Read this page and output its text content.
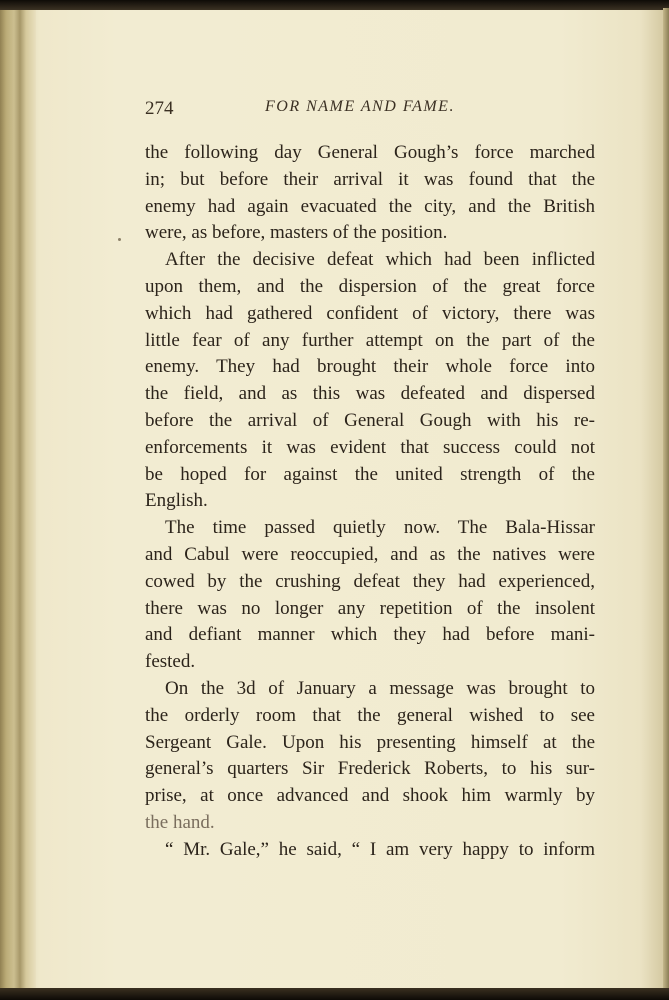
274	FOR NAME AND FAME.
the following day General Gough’s force marched
in; but before their arrival it was found that the
enemy had again evacuated the city, and the British
were, as before, masters of the position.
After the decisive defeat which had been inflicted
upon them, and the dispersion of the great force
which had gathered confident of victory, there was
little fear of any further attempt on the part of the
enemy. They had brought their whole force into
the field, and as this was defeated and dispersed
before the arrival of General Gough with his re-
enforcements it was evident that success could not
be hoped for against the united strength of the
English.
The time passed quietly now. The Bala-Hissar
and Cabul were reoccupied, and as the natives were
cowed by the crushing defeat they had experienced,
there was no longer any repetition of the insolent
and defiant manner which they had before mani-
fested.
On the 3d of January a message was brought to
the orderly room that the general wished to see
Sergeant Gale. Upon his presenting himself at the
general’s quarters Sir Frederick Roberts, to his sur-
prise, at once advanced and shook him warmly by
the hand.
“ Mr. Gale,” he said, “ I am very happy to inform
